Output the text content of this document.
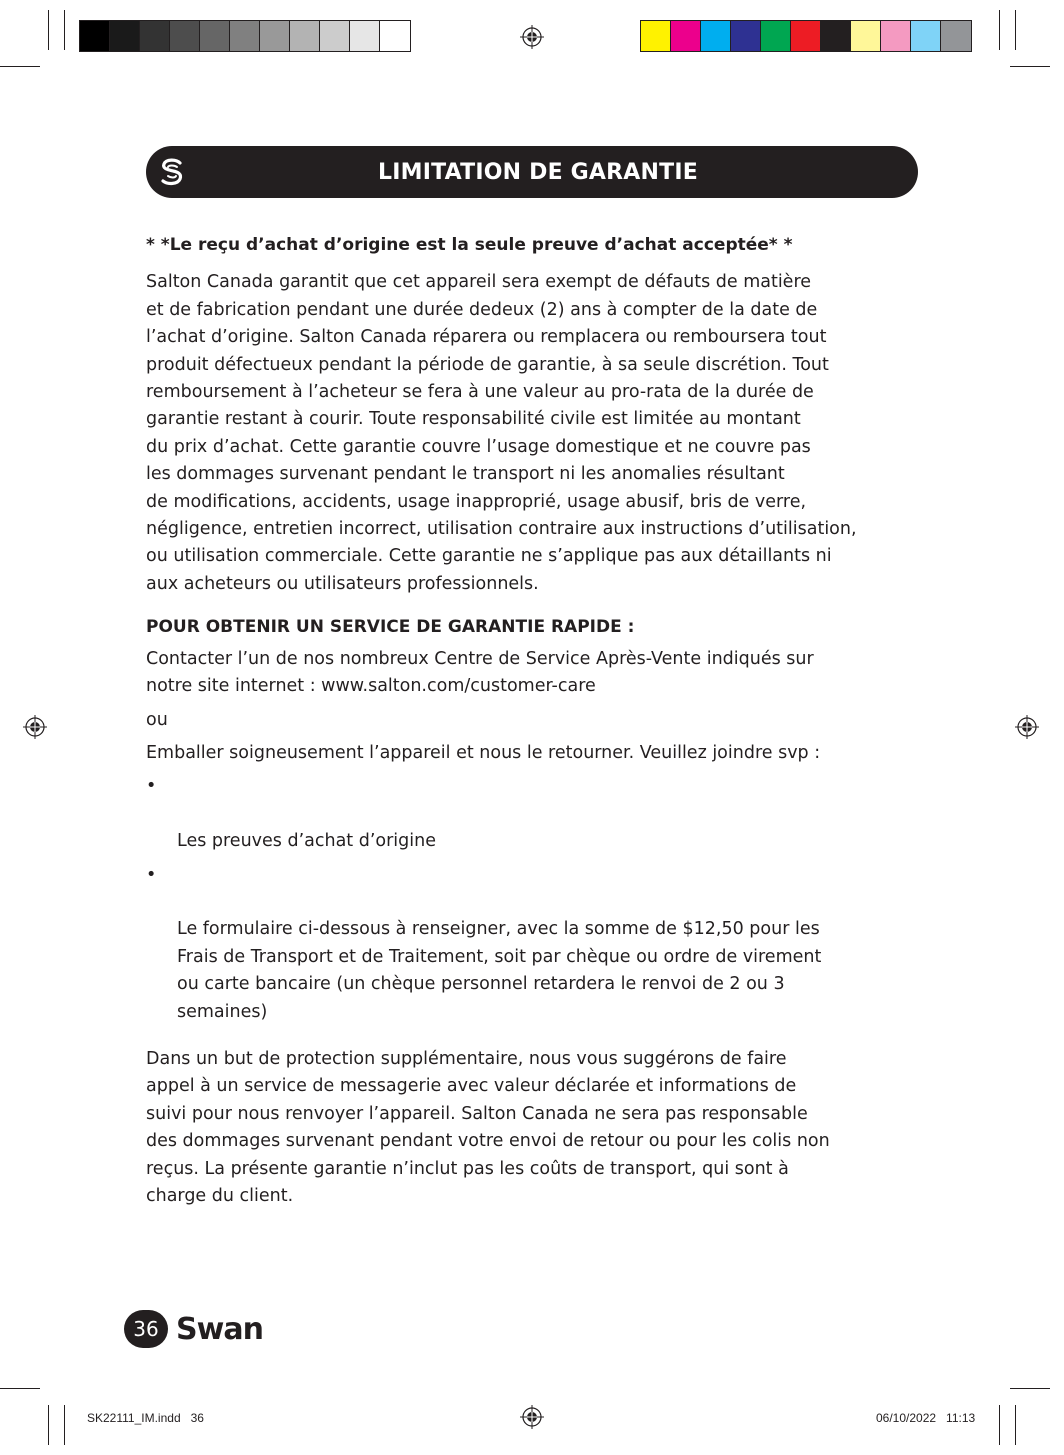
LIMITATION DE GARANTIE

* *Le reçu d’achat d’origine est la seule preuve d’achat acceptée* *

Salton Canada garantit que cet appareil sera exempt de défauts de matière
et de fabrication pendant une durée dedeux (2) ans à compter de la date de
l’achat d’origine. Salton Canada réparera ou remplacera ou remboursera tout
produit défectueux pendant la période de garantie, à sa seule discrétion. Tout
remboursement à l’acheteur se fera à une valeur au pro-rata de la durée de
garantie restant à courir. Toute responsabilité civile est limitée au montant
du prix d’achat. Cette garantie couvre l’usage domestique et ne couvre pas
les dommages survenant pendant le transport ni les anomalies résultant
de modifications, accidents, usage inapproprié, usage abusif, bris de verre,
négligence, entretien incorrect, utilisation contraire aux instructions d’utilisation,
ou utilisation commerciale. Cette garantie ne s’applique pas aux détaillants ni
aux acheteurs ou utilisateurs professionnels.

POUR OBTENIR UN SERVICE DE GARANTIE RAPIDE :

Contacter l’un de nos nombreux Centre de Service Après-Vente indiqués sur
notre site internet : www.salton.com/customer-care

ou

Emballer soigneusement l’appareil et nous le retourner. Veuillez joindre svp :

•

Les preuves d’achat d’origine

•

Le formulaire ci-dessous à renseigner, avec la somme de $12,50 pour les
Frais de Transport et de Traitement, soit par chèque ou ordre de virement
ou carte bancaire (un chèque personnel retardera le renvoi de 2 ou 3
semaines)

Dans un but de protection supplémentaire, nous vous suggérons de faire
appel à un service de messagerie avec valeur déclarée et informations de
suivi pour nous renvoyer l’appareil. Salton Canada ne sera pas responsable
des dommages survenant pendant votre envoi de retour ou pour les colis non
reçus. La présente garantie n’inclut pas les coûts de transport, qui sont à
charge du client.

36 Swan
SK22111_IM.indd   36	06/10/2022   11:13
